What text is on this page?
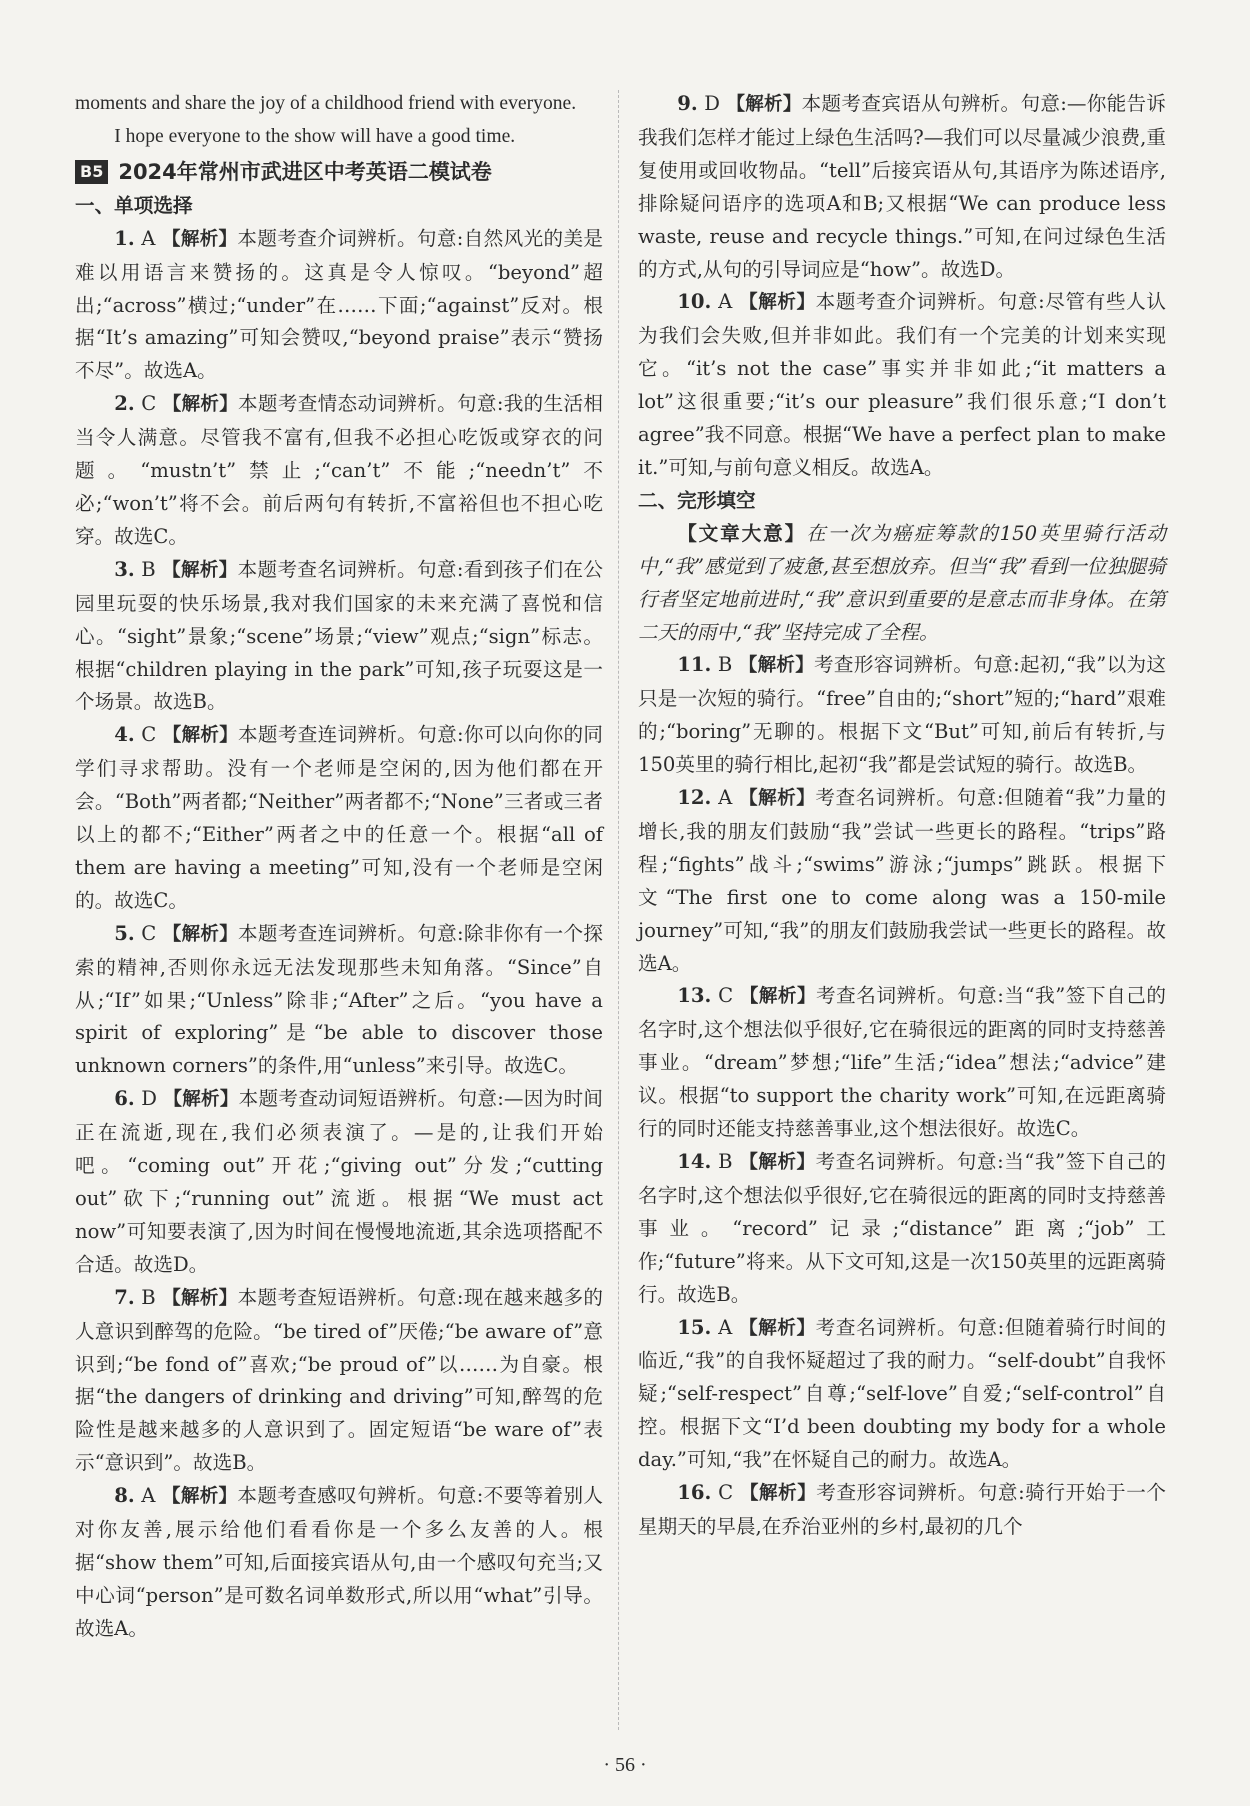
moments and share the joy of a childhood friend with everyone.

I hope everyone to the show will have a good time.

B5 2024年常州市武进区中考英语二模试卷

一、单项选择

1. A 【解析】本题考查介词辨析。句意:自然风光的美是难以用语言来赞扬的。这真是令人惊叹。“beyond”超出;“across”横过;“under”在……下面;“against”反对。根据“It’s amazing”可知会赞叹,“beyond praise”表示“赞扬不尽”。故选A。

2. C 【解析】本题考查情态动词辨析。句意:我的生活相当令人满意。尽管我不富有,但我不必担心吃饭或穿衣的问题。“mustn’t”禁止;“can’t”不能;“needn’t”不必;“won’t”将不会。前后两句有转折,不富裕但也不担心吃穿。故选C。

3. B 【解析】本题考查名词辨析。句意:看到孩子们在公园里玩耍的快乐场景,我对我们国家的未来充满了喜悦和信心。“sight”景象;“scene”场景;“view”观点;“sign”标志。根据“children playing in the park”可知,孩子玩耍这是一个场景。故选B。

4. C 【解析】本题考查连词辨析。句意:你可以向你的同学们寻求帮助。没有一个老师是空闲的,因为他们都在开会。“Both”两者都;“Neither”两者都不;“None”三者或三者以上的都不;“Either”两者之中的任意一个。根据“all of them are having a meeting”可知,没有一个老师是空闲的。故选C。

5. C 【解析】本题考查连词辨析。句意:除非你有一个探索的精神,否则你永远无法发现那些未知角落。“Since”自从;“If”如果;“Unless”除非;“After”之后。“you have a spirit of exploring”是“be able to discover those unknown corners”的条件,用“unless”来引导。故选C。

6. D 【解析】本题考查动词短语辨析。句意:—因为时间正在流逝,现在,我们必须表演了。—是的,让我们开始吧。“coming out”开花;“giving out”分发;“cutting out”砍下;“running out”流逝。根据“We must act now”可知要表演了,因为时间在慢慢地流逝,其余选项搭配不合适。故选D。

7. B 【解析】本题考查短语辨析。句意:现在越来越多的人意识到醉驾的危险。“be tired of”厌倦;“be aware of”意识到;“be fond of”喜欢;“be proud of”以……为自豪。根据“the dangers of drinking and driving”可知,醉驾的危险性是越来越多的人意识到了。固定短语“be ware of”表示“意识到”。故选B。

8. A 【解析】本题考查感叹句辨析。句意:不要等着别人对你友善,展示给他们看看你是一个多么友善的人。根据“show them”可知,后面接宾语从句,由一个感叹句充当;又中心词“person”是可数名词单数形式,所以用“what”引导。故选A。

9. D 【解析】本题考查宾语从句辨析。句意:—你能告诉我我们怎样才能过上绿色生活吗?—我们可以尽量减少浪费,重复使用或回收物品。“tell”后接宾语从句,其语序为陈述语序,排除疑问语序的选项A和B;又根据“We can produce less waste, reuse and recycle things.”可知,在问过绿色生活的方式,从句的引导词应是“how”。故选D。

10. A 【解析】本题考查介词辨析。句意:尽管有些人认为我们会失败,但并非如此。我们有一个完美的计划来实现它。“it’s not the case”事实并非如此;“it matters a lot”这很重要;“it’s our pleasure”我们很乐意;“I don’t agree”我不同意。根据“We have a perfect plan to make it.”可知,与前句意义相反。故选A。

二、完形填空

【文章大意】在一次为癌症筹款的150英里骑行活动中,“我”感觉到了疲惫,甚至想放弃。但当“我”看到一位独腿骑行者坚定地前进时,“我”意识到重要的是意志而非身体。在第二天的雨中,“我”坚持完成了全程。

11. B 【解析】考查形容词辨析。句意:起初,“我”以为这只是一次短的骑行。“free”自由的;“short”短的;“hard”艰难的;“boring”无聊的。根据下文“But”可知,前后有转折,与150英里的骑行相比,起初“我”都是尝试短的骑行。故选B。

12. A 【解析】考查名词辨析。句意:但随着“我”力量的增长,我的朋友们鼓励“我”尝试一些更长的路程。“trips”路程;“fights”战斗;“swims”游泳;“jumps”跳跃。根据下文“The first one to come along was a 150-mile journey”可知,“我”的朋友们鼓励我尝试一些更长的路程。故选A。

13. C 【解析】考查名词辨析。句意:当“我”签下自己的名字时,这个想法似乎很好,它在骑很远的距离的同时支持慈善事业。“dream”梦想;“life”生活;“idea”想法;“advice”建议。根据“to support the charity work”可知,在远距离骑行的同时还能支持慈善事业,这个想法很好。故选C。

14. B 【解析】考查名词辨析。句意:当“我”签下自己的名字时,这个想法似乎很好,它在骑很远的距离的同时支持慈善事业。“record”记录;“distance”距离;“job”工作;“future”将来。从下文可知,这是一次150英里的远距离骑行。故选B。

15. A 【解析】考查名词辨析。句意:但随着骑行时间的临近,“我”的自我怀疑超过了我的耐力。“self-doubt”自我怀疑;“self-respect”自尊;“self-love”自爱;“self-control”自控。根据下文“I’d been doubting my body for a whole day.”可知,“我”在怀疑自己的耐力。故选A。

16. C 【解析】考查形容词辨析。句意:骑行开始于一个星期天的早晨,在乔治亚州的乡村,最初的几个

· 56 ·
